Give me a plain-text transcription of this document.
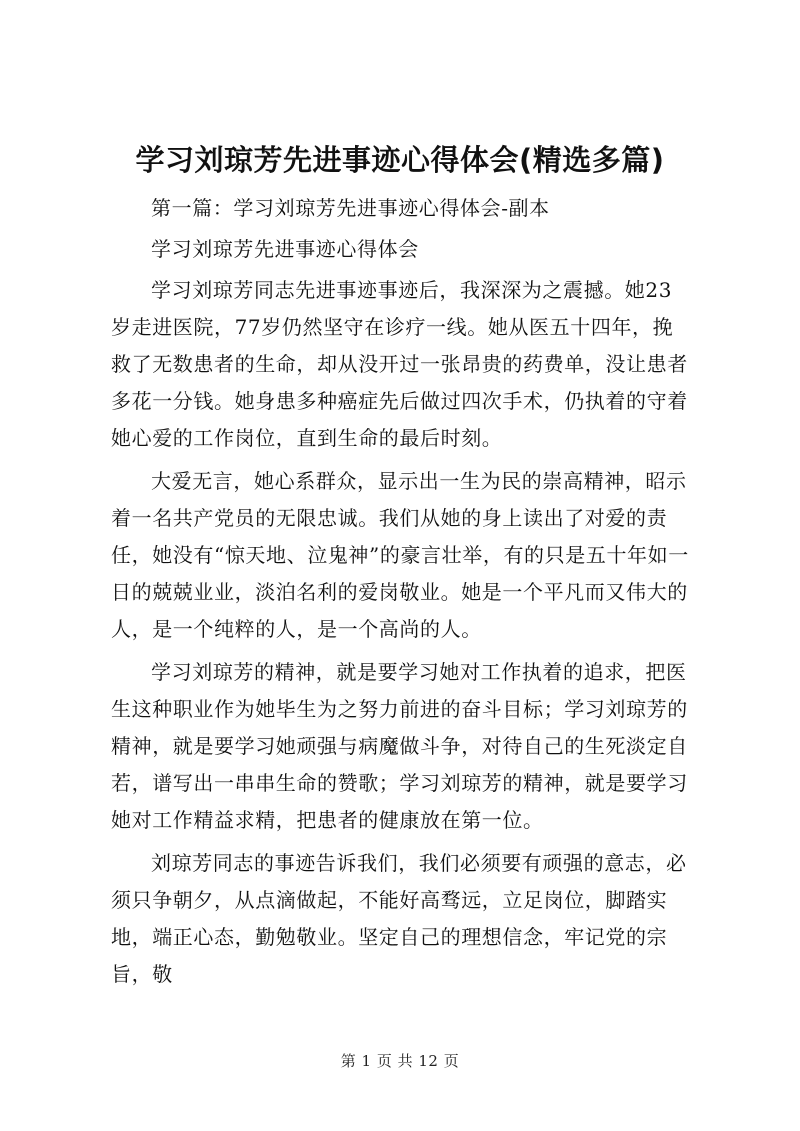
学习刘琼芳先进事迹心得体会(精选多篇)

第一篇：学习刘琼芳先进事迹心得体会-副本

学习刘琼芳先进事迹心得体会

学习刘琼芳同志先进事迹事迹后，我深深为之震撼。她23岁走进医院，77岁仍然坚守在诊疗一线。她从医五十四年，挽救了无数患者的生命，却从没开过一张昂贵的药费单，没让患者多花一分钱。她身患多种癌症先后做过四次手术，仍执着的守着她心爱的工作岗位，直到生命的最后时刻。

大爱无言，她心系群众，显示出一生为民的崇高精神，昭示着一名共产党员的无限忠诚。我们从她的身上读出了对爱的责任，她没有“惊天地、泣鬼神”的豪言壮举，有的只是五十年如一日的兢兢业业，淡泊名利的爱岗敬业。她是一个平凡而又伟大的人，是一个纯粹的人，是一个高尚的人。

学习刘琼芳的精神，就是要学习她对工作执着的追求，把医生这种职业作为她毕生为之努力前进的奋斗目标；学习刘琼芳的精神，就是要学习她顽强与病魔做斗争，对待自己的生死淡定自若，谱写出一串串生命的赞歌；学习刘琼芳的精神，就是要学习她对工作精益求精，把患者的健康放在第一位。

刘琼芳同志的事迹告诉我们，我们必须要有顽强的意志，必须只争朝夕，从点滴做起，不能好高骛远，立足岗位，脚踏实地，端正心态，勤勉敬业。坚定自己的理想信念，牢记党的宗旨，敬

第 1 页 共 12 页
